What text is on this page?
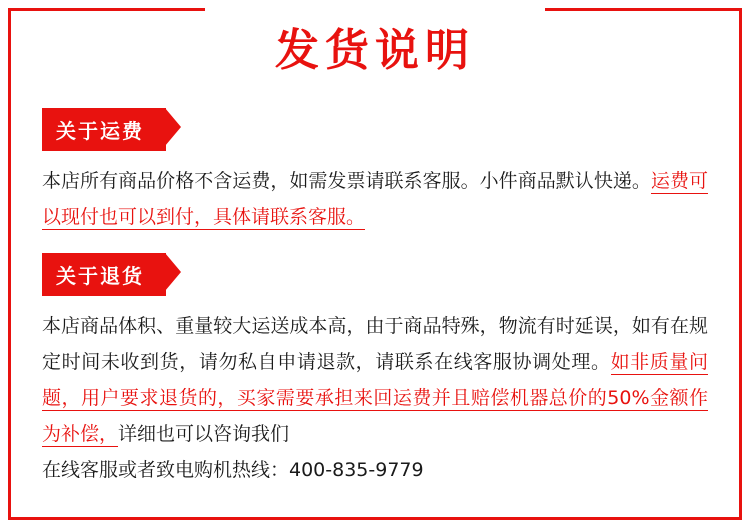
发货说明
关于运费
本店所有商品价格不含运费，如需发票请联系客服。小件商品默认快递。运费可以现付也可以到付，具体请联系客服。
关于退货
本店商品体积、重量较大运送成本高，由于商品特殊，物流有时延误，如有在规定时间未收到货，请勿私自申请退款，请联系在线客服协调处理。如非质量问题，用户要求退货的，买家需要承担来回运费并且赔偿机器总价的50%金额作为补偿，详细也可以咨询我们
在线客服或者致电购机热线：400-835-9779
